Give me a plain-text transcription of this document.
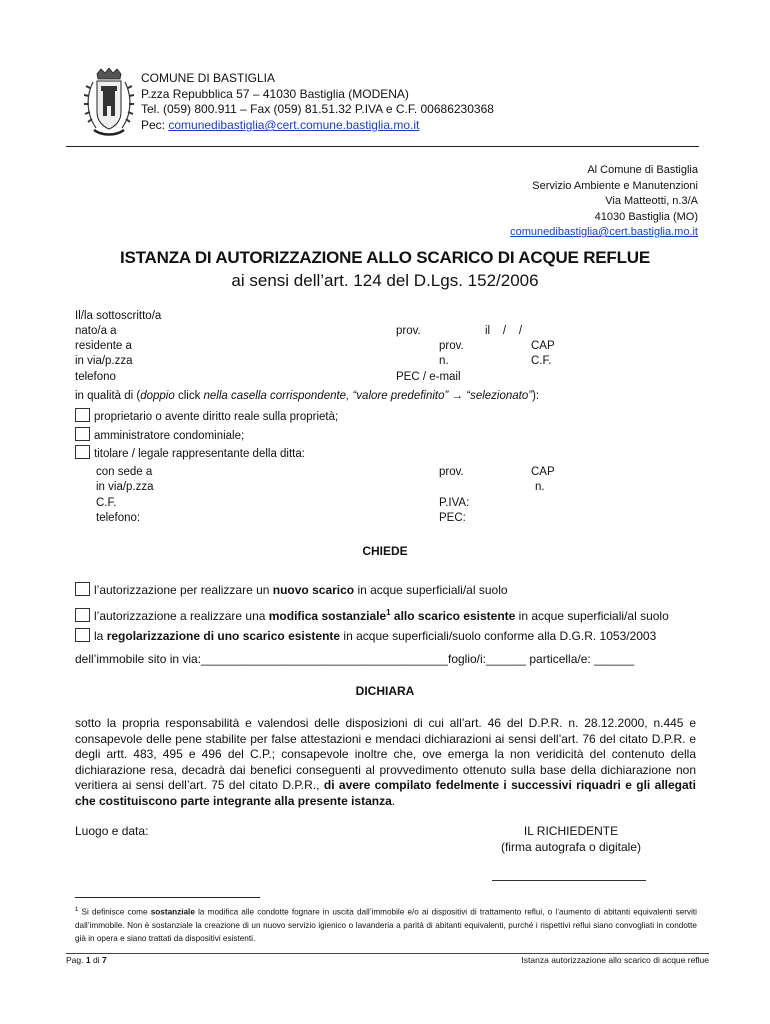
COMUNE DI BASTIGLIA
P.zza Repubblica 57 – 41030 Bastiglia (MODENA)
Tel. (059) 800.911 – Fax (059) 81.51.32 P.IVA e C.F. 00686230368
Pec: comunedibastiglia@cert.comune.bastiglia.mo.it
Al Comune di Bastiglia
Servizio Ambiente e Manutenzioni
Via Matteotti, n.3/A
41030 Bastiglia (MO)
comunedibastiglia@cert.bastiglia.mo.it
ISTANZA DI AUTORIZZAZIONE ALLO SCARICO DI ACQUE REFLUE
ai sensi dell’art. 124 del D.Lgs. 152/2006
Il/la sottoscritto/a
nato/a a	prov.	il    /    /
residente a	prov.	CAP
in via/p.zza	n.	C.F.
telefono	PEC / e-mail
in qualità di (doppio click nella casella corrispondente, “valore predefinito” → “selezionato”):
proprietario o avente diritto reale sulla proprietà;
amministratore condominiale;
titolare / legale rappresentante della ditta:
con sede a	prov.	CAP
in via/p.zza	n.
C.F.	P.IVA:
telefono:	PEC:
CHIEDE
l’autorizzazione per realizzare un nuovo scarico in acque superficiali/al suolo
l’autorizzazione a realizzare una modifica sostanziale$^1$ allo scarico esistente in acque superficiali/al suolo
la regolarizzazione di uno scarico esistente in acque superficiali/suolo conforme alla D.G.R. 1053/2003
dell’immobile sito in via:_____________________________________foglio/i:______ particella/e: ______
DICHIARA
sotto la propria responsabilità e valendosi delle disposizioni di cui all’art. 46 del D.P.R. n. 28.12.2000, n.445 e consapevole delle pene stabilite per false attestazioni e mendaci dichiarazioni ai sensi dell’art. 76 del citato D.P.R. e degli artt. 483, 495 e 496 del C.P.; consapevole inoltre che, ove emerga la non veridicità del contenuto della dichiarazione resa, decadrà dai benefici conseguenti al provvedimento ottenuto sulla base della dichiarazione non veritiera ai sensi dell’art. 75 del citato D.P.R., di avere compilato fedelmente i successivi riquadri e gli allegati che costituiscono parte integrante alla presente istanza.
Luogo e data:	IL RICHIEDENTE
(firma autografa o digitale)
$^1$ Si definisce come sostanziale la modifica alle condotte fognare in uscita dall’immobile e/o ai dispositivi di trattamento reflui, o l’aumento di abitanti equivalenti serviti dall’immobile. Non è sostanziale la creazione di un nuovo servizio igienico o lavanderia a parità di abitanti equivalenti, purché i rispettivi reflui siano convogliati in condotte già in opera e siano trattati da dispositivi esistenti.
Pag. 1 di 7	Istanza autorizzazione allo scarico di acque reflue
